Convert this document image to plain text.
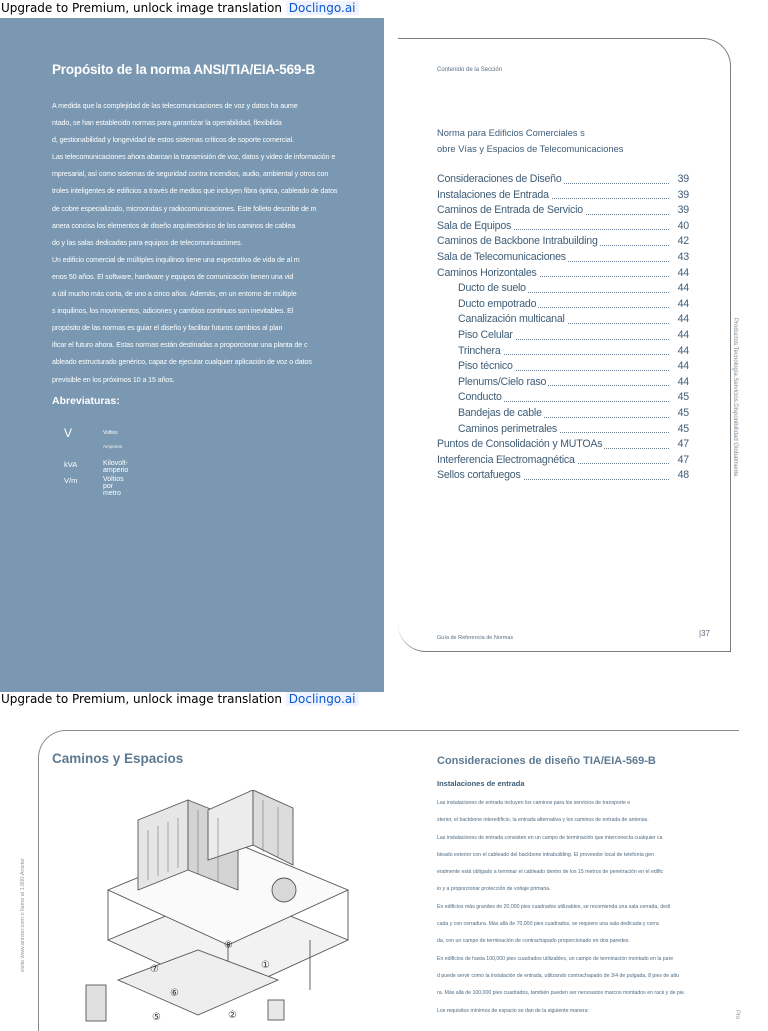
Upgrade to Premium, unlock image translation Doclingo.ai
Upgrade to Premium, unlock image translation Doclingo.ai
Propósito de la norma ANSI/TIA/EIA-569-B
A medida que la complejidad de las telecomunicaciones de voz y datos ha aume
ntado, se han establecido normas para garantizar la operabilidad, flexibilida
d, gestionabilidad y longevidad de estos sistemas críticos de soporte comercial.
Las telecomunicaciones ahora abarcan la transmisión de voz, datos y video de información e
mpresarial, así como sistemas de seguridad contra incendios, audio, ambiental y otros con
troles inteligentes de edificios a través de medios que incluyen fibra óptica, cableado de datos
de cobre especializado, microondas y radiocomunicaciones. Este folleto describe de m
anera concisa los elementos de diseño arquitectónico de los caminos de cablea
do y las salas dedicadas para equipos de telecomunicaciones.
Un edificio comercial de múltiples inquilinos tiene una expectativa de vida de al m
enos 50 años. El software, hardware y equipos de comunicación tienen una vid
a útil mucho más corta, de uno a cinco años. Además, en un entorno de múltiple
s inquilinos, los movimientos, adiciones y cambios continuos son inevitables. El
propósito de las normas es guiar el diseño y facilitar futuros cambios al plan
ificar el futuro ahora. Estas normas están destinadas a proporcionar una planta de c
ableado estructurado genérico, capaz de ejecutar cualquier aplicación de voz o datos
previsible en los próximos 10 a 15 años.
Abreviaturas:
V	Voltios
Amperios
kVA	Kilovolt-amperio
V/m	Voltios por metro
Contenido de la Sección
Norma para Edificios Comerciales s
obre Vías y Espacios de Telecomunicaciones
Consideraciones de Diseño	39
Instalaciones de Entrada	39
Caminos de Entrada de Servicio	39
Sala de Equipos	40
Caminos de Backbone Intrabuilding	42
Sala de Telecomunicaciones	43
Caminos Horizontales	44
Ducto de suelo	44
Ducto empotrado	44
Canalización multicanal	44
Piso Celular	44
Trinchera	44
Piso técnico	44
Plenums/Cielo raso	44
Conducto	45
Bandejas de cable	45
Caminos perimetrales	45
Puntos de Consolidación y MUTOAs	47
Interferencia Electromagnética	47
Sellos cortafuegos	48
Guía de Referencia de Normas	|37
Productos.Tecnología.Servicios.Disponibilidad Globalmente.
Caminos y Espacios
visite www.anixter.com o llame al 1.800.Anixter	⑧
⑦	①
⑥
⑤	②
Consideraciones de diseño TIA/EIA-569-B
Instalaciones de entrada
Las instalaciones de entrada incluyen los caminos para los servicios de transporte e
xterior, el backbone interedificio, la entrada alternativa y los caminos de entrada de antenas.
Las instalaciones de entrada consisten en un campo de terminación que interconecta cualquier ca
bleado exterior con el cableado del backbone intrabuilding. El proveedor local de telefonía gen
eralmente está obligado a terminar el cableado dentro de los 15 metros de penetración en el edific
io y a proporcionar protección de voltaje primaria.
En edificios más grandes de 20,000 pies cuadrados utilizables, se recomienda una sala cerrada, dedi
cada y con cerradura. Más allá de 70,000 pies cuadrados, se requiere una sala dedicada y cerra
da, con un campo de terminación de contrachapado proporcionado en dos paredes.
En edificios de hasta 100,000 pies cuadrados utilizables, un campo de terminación montado en la pare
d puede servir como la instalación de entrada, utilizando contrachapado de 3/4 de pulgada, 8 pies de altu
ra. Más allá de 100,000 pies cuadrados, también pueden ser necesarios marcos montados en rack y de pie.
Los requisitos mínimos de espacio se dan de la siguiente manera:	Pro
